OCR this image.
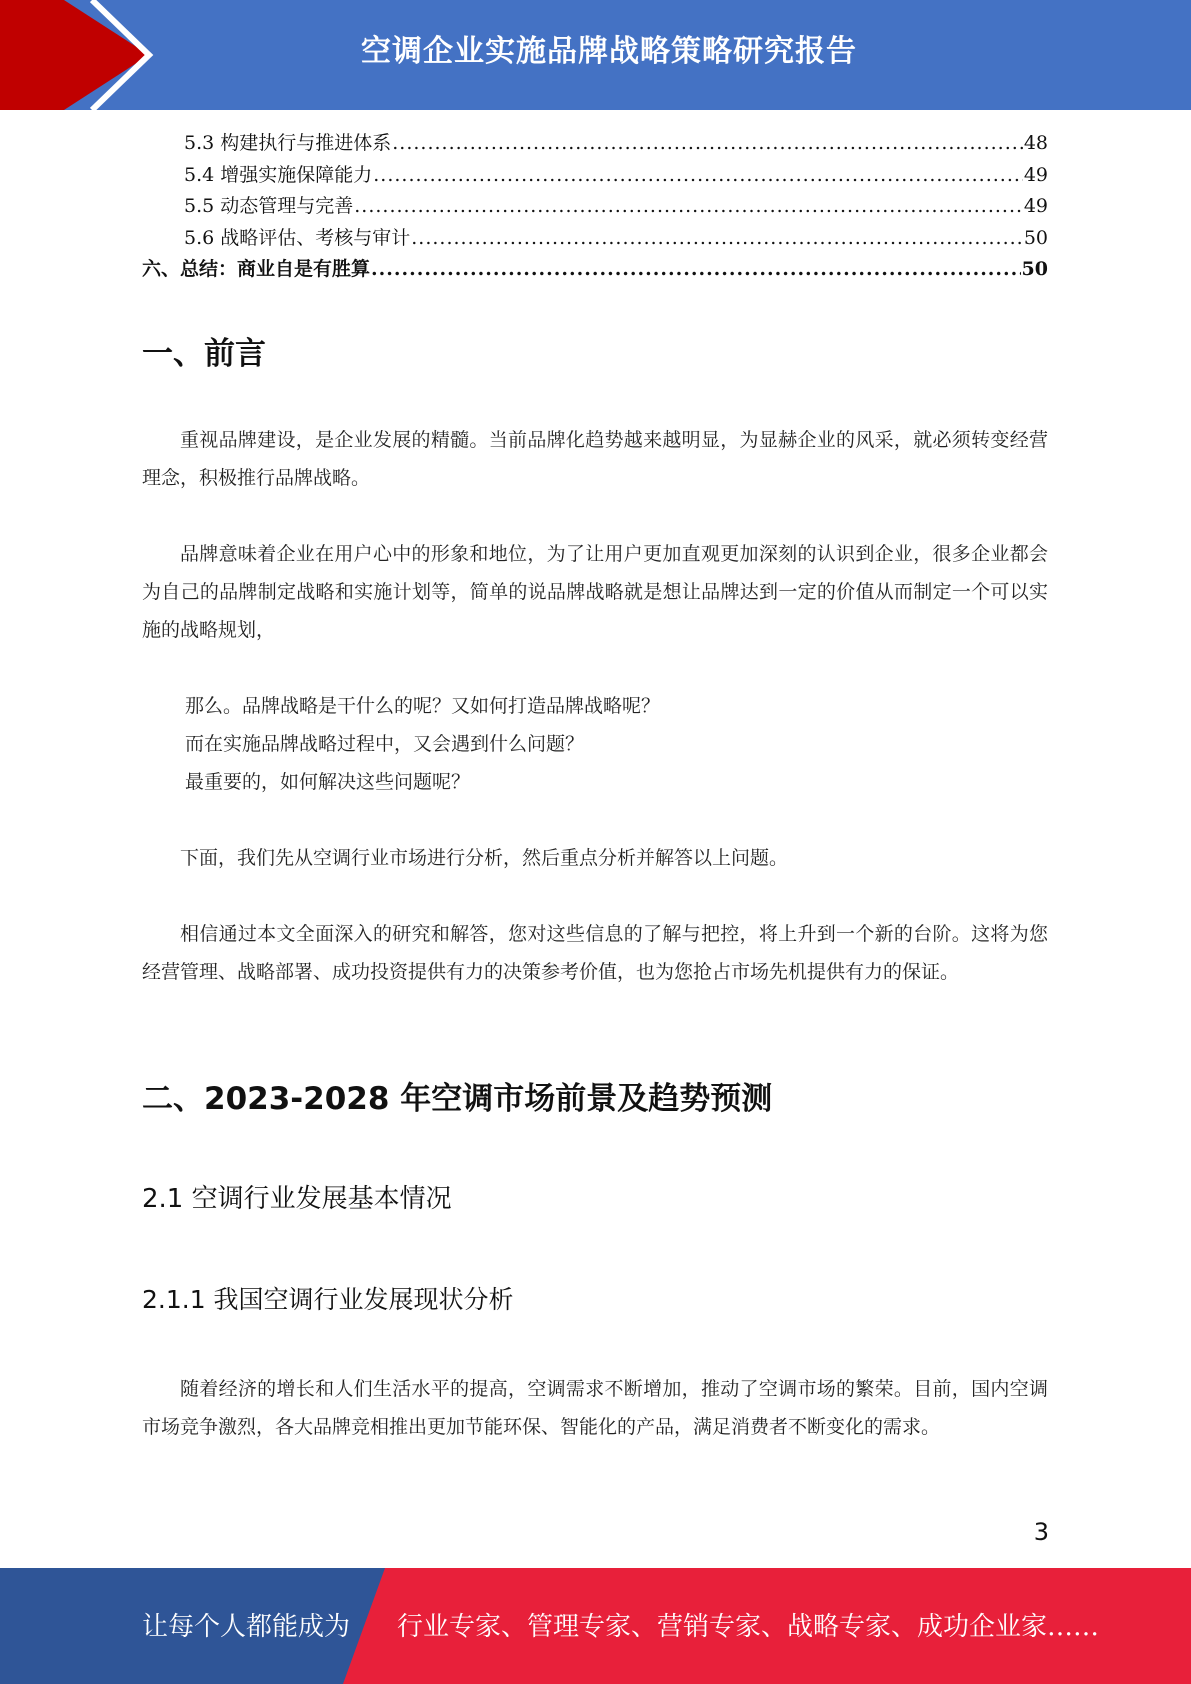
空调企业实施品牌战略策略研究报告
5.3 构建执行与推进体系 .....	48
5.4 增强实施保障能力 .....	49
5.5 动态管理与完善 .....	49
5.6 战略评估、考核与审计 .....	50
六、总结：商业自是有胜算 .....	50
一、前言

重视品牌建设，是企业发展的精髓。当前品牌化趋势越来越明显，为显赫企业的风采，就必须转变经营理念，积极推行品牌战略。

品牌意味着企业在用户心中的形象和地位，为了让用户更加直观更加深刻的认识到企业，很多企业都会为自己的品牌制定战略和实施计划等，简单的说品牌战略就是想让品牌达到一定的价值从而制定一个可以实施的战略规划，

那么。品牌战略是干什么的呢？又如何打造品牌战略呢？

而在实施品牌战略过程中，又会遇到什么问题？

最重要的，如何解决这些问题呢？

下面，我们先从空调行业市场进行分析，然后重点分析并解答以上问题。

相信通过本文全面深入的研究和解答，您对这些信息的了解与把控，将上升到一个新的台阶。这将为您经营管理、战略部署、成功投资提供有力的决策参考价值，也为您抢占市场先机提供有力的保证。

二、2023-2028 年空调市场前景及趋势预测
2.1 空调行业发展基本情况
2.1.1 我国空调行业发展现状分析

随着经济的增长和人们生活水平的提高，空调需求不断增加，推动了空调市场的繁荣。目前，国内空调市场竞争激烈，各大品牌竞相推出更加节能环保、智能化的产品，满足消费者不断变化的需求。

3
让每个人都能成为 行业专家、管理专家、营销专家、战略专家、成功企业家……
